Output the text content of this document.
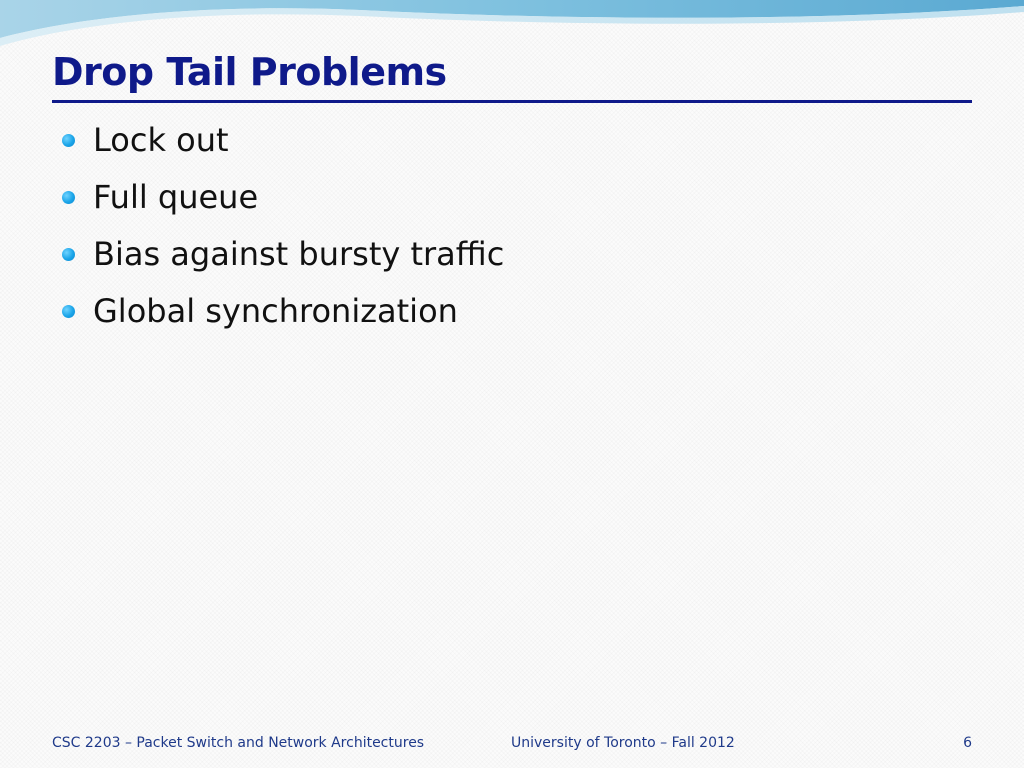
Drop Tail Problems
Lock out
Full queue
Bias against bursty traffic
Global synchronization
CSC 2203 – Packet Switch and Network Architectures	University of Toronto – Fall 2012	6
